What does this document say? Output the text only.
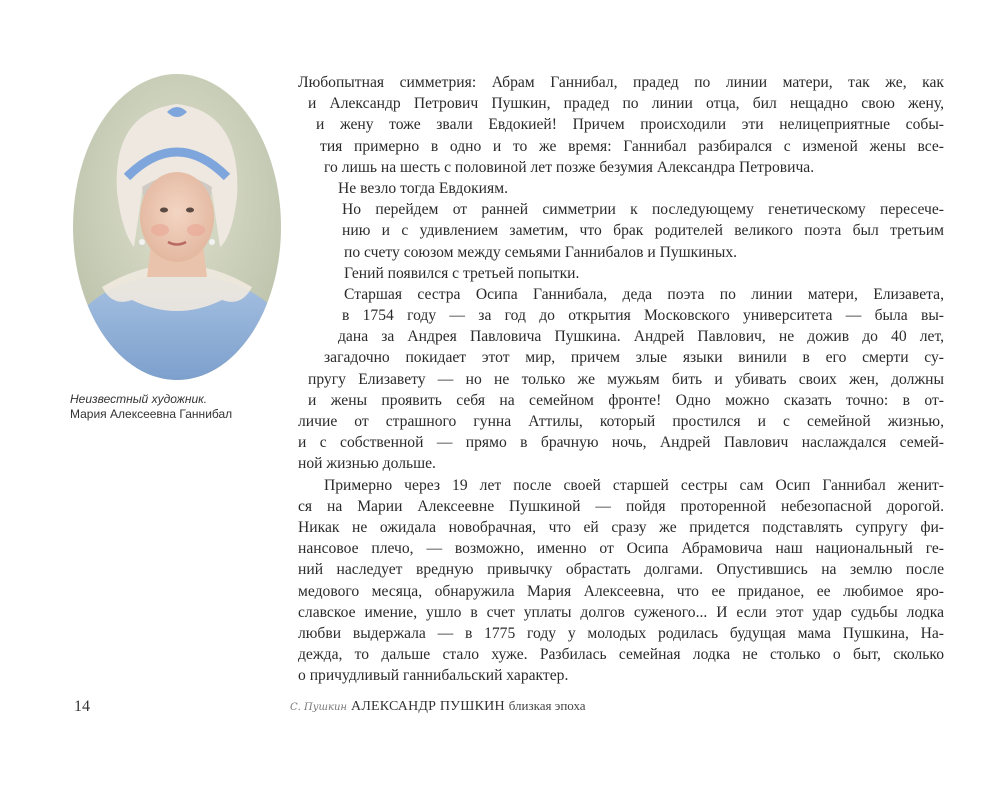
Неизвестный художник.
Мария Алексеевна Ганнибал
Любопытная симметрия: Абрам Ганнибал, прадед по линии матери, так же, как
и Александр Петрович Пушкин, прадед по линии отца, бил нещадно свою жену,
и жену тоже звали Евдокией! Причем происходили эти нелицеприятные собы-
тия примерно в одно и то же время: Ганнибал разбирался с изменой жены все-
го лишь на шесть с половиной лет позже безумия Александра Петровича.
Не везло тогда Евдокиям.
Но перейдем от ранней симметрии к последующему генетическому пересече-
нию и с удивлением заметим, что брак родителей великого поэта был третьим
по счету союзом между семьями Ганнибалов и Пушкиных.
Гений появился с третьей попытки.
Старшая сестра Осипа Ганнибала, деда поэта по линии матери, Елизавета,
в 1754 году — за год до открытия Московского университета — была вы-
дана за Андрея Павловича Пушкина. Андрей Павлович, не дожив до 40 лет,
загадочно покидает этот мир, причем злые языки винили в его смерти су-
пругу Елизавету — но не только же мужьям бить и убивать своих жен, должны
и жены проявить себя на семейном фронте! Одно можно сказать точно: в от-
личие от страшного гунна Аттилы, который простился и с семейной жизнью,
и с собственной — прямо в брачную ночь, Андрей Павлович наслаждался семей-
ной жизнью дольше.
Примерно через 19 лет после своей старшей сестры сам Осип Ганнибал женит-
ся на Марии Алексеевне Пушкиной — пойдя проторенной небезопасной дорогой.
Никак не ожидала новобрачная, что ей сразу же придется подставлять супругу фи-
нансовое плечо, — возможно, именно от Осипа Абрамовича наш национальный ге-
ний наследует вредную привычку обрастать долгами. Опустившись на землю после
медового месяца, обнаружила Мария Алексеевна, что ее приданое, ее любимое яро-
славское имение, ушло в счет уплаты долгов суженого... И если этот удар судьбы лодка
любви выдержала — в 1775 году у молодых родилась будущая мама Пушкина, На-
дежда, то дальше стало хуже. Разбилась семейная лодка не столько о быт, сколько
о причудливый ганнибальский характер.
14	С. Пушкин АЛЕКСАНДР ПУШКИН близкая эпоха
